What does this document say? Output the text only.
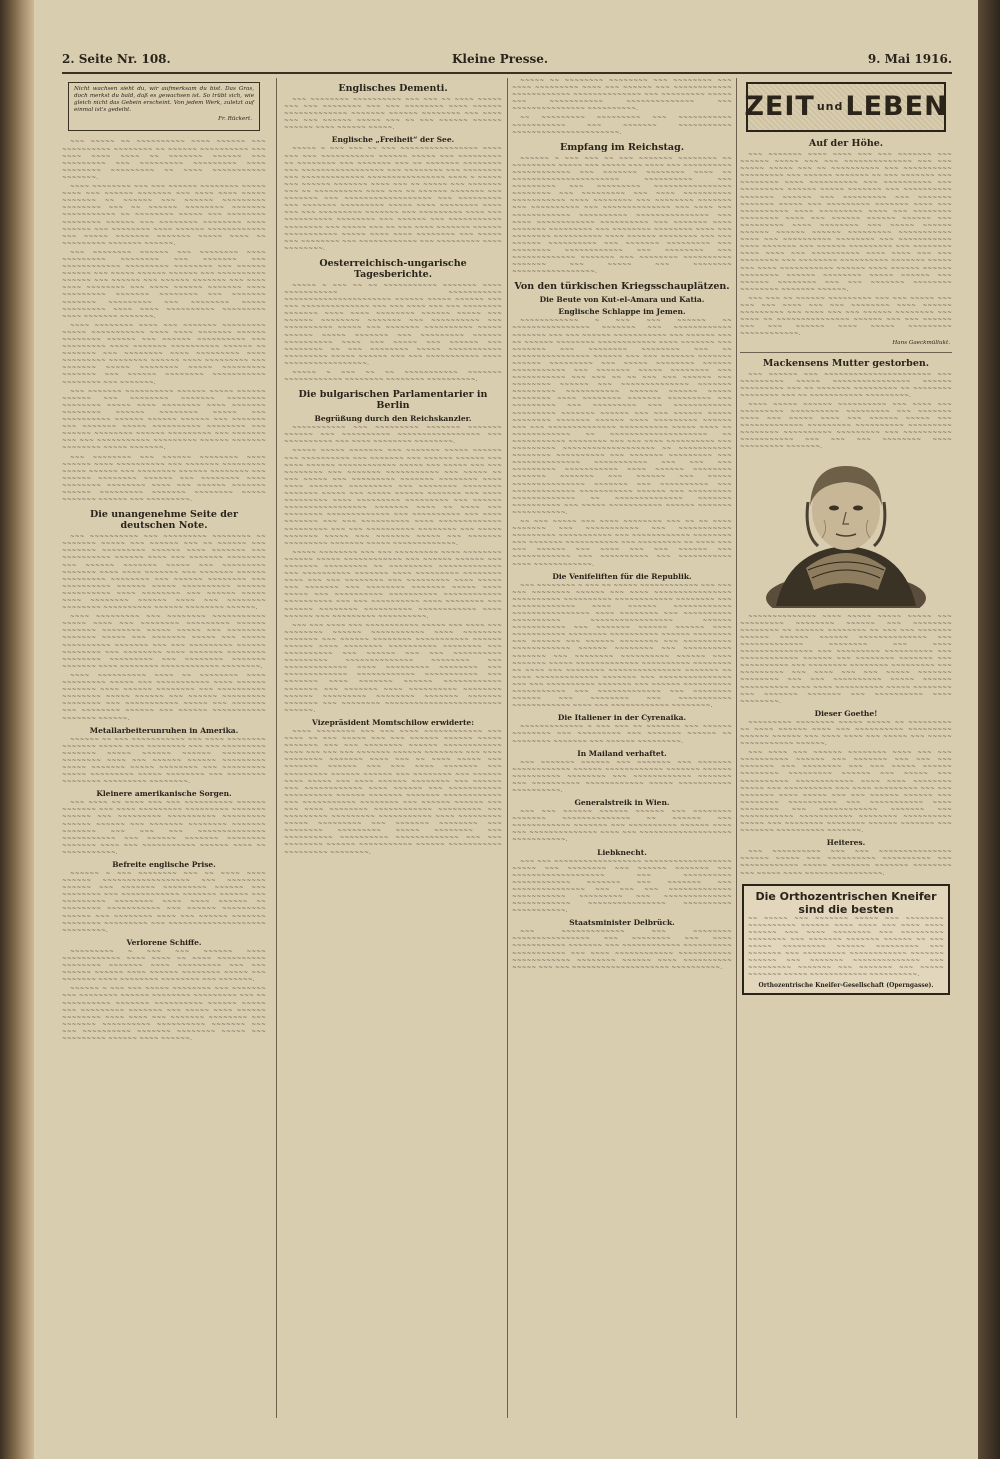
2. Seite Nr. 108.	Kleine Presse.	9. Mai 1916.
Nicht wachsen sieht du, wir aufmerksam du bist. Das Gras, doch merkst du bald, daß es gewachsen ist. So trübt sich, wie gleich nicht das Gebein erscheint. Von jedem Werk, zuletzt auf einmal ist's gedeiht.
Fr. Rückert.

~~~ ~~~~~ ~~ ~~~~~~~~~~ ~~~~ ~~~~~~ ~~~ ~~~~~~~~~~ ~~~~~~~~ ~~ ~~~~~~ ~~~~~~~~~~ ~~~ ~~~~ ~~~~ ~~~~ ~~ ~~~~~~~ ~~~~~~ ~~~ ~~~~~~~~~ ~~~ ~~~~~~~~~ ~~~~~~~~~ ~~~~ ~~~~~~~~ ~~~~~~~~~ ~~ ~~~~ ~~~~~~~~~~~ ~~~~~~~.

~~~~ ~~~~~~~~ ~~~ ~~~ ~~~~~~ ~~~~~~~~ ~~~~~ ~~~~ ~~~ ~~~~~~ ~~~~~~~ ~~~ ~~~~ ~~~~ ~~~~~ ~~~~~~~ ~~ ~~~~~~ ~~~ ~~~~~~ ~~~~~~~~~ ~~~~~~~~ ~~~ ~~ ~~~~~~ ~~~~~~~~ ~~~~~~~ ~~~~~~~~~~~ ~~ ~~~~~~~~ ~~~~~ ~~~ ~~~~~~~~ ~~~~~~~~ ~~~~~~ ~~~ ~~~~~~~~ ~~~~~~~~ ~~~~ ~~~~~~ ~~~ ~~~~~~~~ ~~~~ ~~~~~~ ~~~~~~~~~~~~ ~~~ ~~~~~ ~~~~~~~ ~~~~~~~ ~~~~~ ~~~~ ~~ ~~~~~~~~~ ~~~~~~~ ~~~~~~.

~~~ ~~~~~~~~ ~~~~~~ ~~~ ~~~~~~~~ ~~~~ ~~~~~~~~~ ~~~~~~~~ ~~~ ~~~~~~~ ~~~ ~~~~~~~~~~~~ ~~~~~~~~~ ~~~~~~~~ ~~~ ~~~~~~ ~~~~~~ ~~~ ~~~~~ ~~~~~~ ~~~~~~ ~~~ ~~~~~~~~~~ ~~~~~~ ~~~ ~~~~~~ ~~~ ~~~~~~ ~~~~~~~ ~~~ ~~~~ ~~~~ ~~~~~~~~ ~~~ ~~~~ ~~~~~~ ~~~~~~~ ~~~~ ~~~~~~~~~ ~~~~~~~ ~~~~~~~~ ~~~ ~~~~~~~ ~~~~~~~ ~~~~~~~~~ ~~~ ~~~~~~~~ ~~~~~ ~~~~~~~~~ ~~~~ ~~~~ ~~~~~~~~~~ ~~~~~~~~~ ~~~~ ~~~~~~~ ~~~~~~~.

~~~~ ~~~~~~~~ ~~~~ ~~~ ~~~~~~~ ~~~~~~~~~ ~~~~~ ~~~~~~~~~~~ ~~~~ ~~~~ ~~~~~~~ ~~~~~~ ~~~~~~~~ ~~~~~~ ~~~ ~~~~~~ ~~~~~~~~~~ ~~~ ~~~~~~~~~ ~~~~ ~~~~~~~ ~~~~~~~~~~ ~~~~~~ ~~ ~~~~~~~ ~~~ ~~~~~~~~ ~~~~ ~~~~~~~~~ ~~~~ ~~~~~~~~~ ~~~~~~~~ ~~~~~~ ~~~~ ~~~~~~~~~ ~~~ ~~~~~~~ ~~~~~ ~~~~~~~~ ~~~~~ ~~~~~~~~~ ~~~~~~~ ~~~ ~~~~~~ ~~~~~~~~ ~~~~~~~~~~~ ~~~~~~~~ ~~~ ~~~~~~~.

~~~ ~~~~~~~ ~~~~~~~~~~ ~~~~~~ ~~~~~ ~~~~~~ ~~~~~~ ~~~ ~~~~~~~~ ~~~~~~~ ~~~~~~~~ ~~~~~~~~ ~~~~~ ~~~~ ~~~~~~~~ ~~~~ ~~~~~~~ ~~~~~~~~ ~~~~~~ ~~~~~~~~ ~~~~~ ~~~ ~~~~~~~~~~ ~~~~~~ ~~~~~~ ~~~~~~ ~~~ ~~~~~~~ ~~~ ~~~~~~~ ~~~~~ ~~~~~~~~~~ ~~~~~~~~ ~~~ ~~~~~~ ~~~~~~~~ ~~~~~~ ~~~~~~~~~ ~~~ ~~~~~~~ ~~~ ~~~ ~~~~~~~~~~~ ~~~~~~~~~ ~~~~~~ ~~~~~~~ ~~~~~~~~ ~~~~~ ~~~~~~~.

~~~ ~~~~~~~~ ~~~ ~~~~~~ ~~~~~~~~ ~~~~ ~~~~~~ ~~~~ ~~~~~~~~~~ ~~~ ~~~~~~~ ~~~~~~~~~ ~~~~~ ~~~~~~ ~~~ ~~~~~~~~ ~~~~~~ ~~~~~~~~ ~~~ ~~~~~~ ~~~~~~~~ ~~~~~~ ~~~ ~~~~~~~~ ~~~~ ~~~~~~~~ ~~~~~~~~ ~~~~ ~~~ ~~~~~~ ~~~~~~~ ~~~~~~ ~~~~~~~~~ ~~~~~~~ ~~~~~~~~ ~~~~~ ~~~~~~~ ~~~~~~ ~~~ ~~~~~~~~~.

Die unangenehme Seite der deutschen Note.

~~~ ~~~~~~~~~~ ~~~ ~~~~~~~~~ ~~~~~~~~ ~~ ~~~~~~~ ~~~~~ ~~~ ~~~~~~ ~~~ ~~ ~~~~~~ ~~~ ~~~~~~~ ~~~~~~~~~ ~~~~~~ ~~~~ ~~~~~~~ ~~~ ~~~~~~~~~~ ~~~~~~ ~~~~ ~~~ ~~~~~~~ ~~~~~~~~ ~~~ ~~~~~~ ~~~~~~~ ~~~~~ ~~~ ~~~~~~~~~ ~~~~~~~ ~~~~ ~~~~ ~~~~~~~ ~~~ ~~~~~~~ ~~~~~~ ~~~~~~~~~ ~~~~~~~~ ~~~ ~~~~~~ ~~~~~~~~ ~~~ ~~~~~~~~~~ ~~~~~~ ~~~~~ ~~~~~~~~~~ ~~~~~~ ~~~~~~~~~~ ~~~~ ~~~~~~~~ ~~~ ~~~~~~ ~~~~~ ~~~~ ~~~~~~~~ ~~~~~~ ~~~~ ~~~ ~~~~~~~~ ~~~~~~~~ ~~~~~~~~~~ ~~~~~~ ~~~~~~~~ ~~~~~~.

~~~~ ~~~~~~~~~ ~~~ ~~~~~~~~ ~~~~~~~~~~~ ~~~~~ ~~~~ ~~~ ~~~~~~~~ ~~~~~~~~~ ~~~~~~ ~~~~~~~ ~~~~~~~~ ~~~~~ ~~~~~ ~~~ ~~~~~~~~ ~~~~~~~ ~~~~~ ~~~ ~~~~~~~ ~~~~~ ~~~ ~~~~~ ~~~~~~~~~~ ~~~~~~~ ~~~ ~~~ ~~~~~~~~~ ~~~~~~ ~~~~~~~~ ~~~ ~~~~~~~~ ~~~~ ~~~~~~~ ~~~~~~~~ ~~~~~~~~ ~~~~~~~~~ ~~~ ~~~~~~~~ ~~~~~~~ ~~~~~~~ ~~~~ ~~~~~~~~ ~~~~~~~~~~~~ ~~~~~~~~.

~~~~ ~~~~~~~~~~ ~~~~ ~~ ~~~~~~~~ ~~~~ ~~~~~~~~~ ~~~~~ ~~~ ~~~~~~~~~~~ ~~~~ ~~~~~~ ~~~~~~~ ~~~~ ~~~~~~ ~~~~~~~~ ~~~ ~~~~~~~~~~ ~~~~~~~~ ~~~~~ ~~~~~~ ~~~ ~~~~~~ ~~~~~~~~~ ~~~~~~~~ ~~~ ~~~~~~~~~~~ ~~~~~ ~~~ ~~~~~~~ ~~~ ~~~~~~~~ ~~~~~~ ~~~ ~~~~~~ ~~~~~~~~~~~ ~~~~~~~ ~~~~~~.

Metallarbeiterunruhen in Amerika.

~~~~~~ ~~ ~~~ ~~~~~~~~~~~ ~~~ ~~~~ ~~~~~~~~ ~~~~~~~ ~~~~~ ~~~~ ~~~~~~~~ ~~~ ~~~ ~~~~~~~~~ ~~~~~~~ ~~~~~ ~~~~~~ ~~~~~~ ~~~~~~~~~ ~~~~~~~~ ~~~~ ~~~ ~~~~~~ ~~~~~~ ~~~~~~~~~ ~~~~~ ~~~~~~~ ~~~~~ ~~~~~~~~ ~~~ ~~~~~~~~~ ~~~~~ ~~~~~~~~~ ~~~~~ ~~~~~~~~ ~~~ ~~~~~~~~ ~~~~~~~~ ~~~~~~~~~ ~~~~~~~~.

Kleinere amerikanische Sorgen.

~~~ ~~~~ ~~ ~~~~ ~~~ ~~~ ~~~~~~~~~~ ~~~~~~ ~~~~~~~ ~~~ ~~~~ ~~~~~~~~~ ~~~~~~~~~ ~~~~~~~ ~~~~~~ ~~~ ~~~~~~~~~ ~~~~~~~~~~ ~~~~~~~~~ ~~~~~~ ~~~~~~ ~~~ ~~~~~~~ ~~~~~~~~ ~~~~~~~ ~~~~~~~ ~~~ ~~~ ~~~ ~~~~~~~~~~~~~~ ~~~~~~~~~~~ ~~~ ~~~~~~ ~~~~~~~ ~~~~~~~~ ~~~~~~~ ~~~~ ~~~ ~~~~~~~~~~~ ~~~~~~ ~~~~ ~~ ~~~~~~~~~~~.

Befreite englische Prise.

~~~~~~ ~ ~~~ ~~~~~~~~ ~~~ ~~ ~~~~ ~~~~ ~~~~~~ ~~~~~~~~~~~~~~~~~~ ~~~ ~~~~~~~~ ~~~~~~ ~~~ ~~~~~~~ ~~~~~~~~~ ~~~~~~ ~~~ ~~~~~~~~ ~~~ ~~~~~~~~~~~~ ~~~~~~~ ~~~~~~ ~~~ ~~~~~~~~~ ~~~~~~~~ ~~~~ ~~~~ ~~~~~~ ~~ ~~~~~~~~ ~~~~~~~~~~~ ~~~ ~~~~~~ ~~~~~~~~~ ~~~~~~ ~~~ ~~~~~~~~ ~~~~ ~~~ ~~~~~~ ~~~~~~~ ~~~~~~~~ ~~~~~~~~~ ~~~ ~~~~~~~~~~~~~~~~~~~~ ~~~~~~~~~.

Verlorene Schiffe.

~~~~~~~~~ ~ ~~~ ~~~ ~~~~~~ ~~~~ ~~~~~~~~~~~~ ~~~~ ~~~~ ~~ ~~~~ ~~~~~~~~~~ ~~~~~~~~ ~~~~~~~ ~~~~ ~~~~~~~~~ ~~~ ~~~ ~~~~~~ ~~~~~~ ~~~~ ~~~~~~ ~~~~~~~~ ~~~~~ ~~~ ~~~~~~~ ~~~~ ~~~~~~~~ ~~~~~~~~ ~~~ ~~~~~~~.

~~~~~~ ~ ~~~ ~~~ ~~~~~ ~~~~~~~~ ~~~ ~~~~~~~ ~~~ ~~~~~~~~ ~~~~~~ ~~~~~~~~ ~~~~~~~~~ ~~~ ~~ ~~~~~~~~~~ ~~~~~~~ ~~~~~~~~~~ ~~~~~~ ~~~~~ ~~~ ~~~~~~~~~ ~~~~~~~ ~~~ ~~~~~ ~~~~ ~~~~~~ ~~~~~~~~ ~~~~ ~~~~ ~~~ ~~~~~~~ ~~~~~~~~ ~~~ ~~~~~~~ ~~~~~~~~~~ ~~~~~~~~~~ ~~~~~~~ ~~~ ~~~ ~~~~~~~~~~ ~~~~~~~ ~~~~~~~~ ~~~~~ ~~~ ~~~~~~~~~ ~~~~~~ ~~~~ ~~~~~~.

Englisches Dementi.

~~~ ~~~~~~~~ ~~~~~~~~~~ ~~~ ~~~ ~~ ~~~~ ~~~~~ ~~~ ~~~ ~~~~~~~~ ~~~ ~~~ ~~~~~~~~ ~~~~ ~~~~~~ ~~~~~~~~~~~~~ ~~~~~~~ ~~~~~~ ~~~~~~~~ ~~~ ~~~~ ~~~ ~~~ ~~~~~~ ~~~~~ ~~~ ~~ ~~~ ~~~~~~ ~~~~~~ ~~~~~~ ~~~~ ~~~~~~ ~~~~~.

Englische „Freiheit“ der See.

~~~~~ ~ ~~~ ~~~ ~~ ~~~ ~~~~~~~~~~~~~~~~ ~~~~ ~~~ ~~~ ~~~~~~~~~~~ ~~~~~~ ~~~~~ ~~~ ~~~~~~~~~ ~~ ~~~~~~~~ ~~~ ~~~~~~~ ~~~ ~~ ~~~~~~~ ~~~~~~~~ ~~~ ~~~~~~~~~~~~~~~~~ ~~~ ~~~~~~~~ ~~~ ~~~~~~~~ ~~~ ~~~~~~~~~~~~~ ~~~~~~~~~~~~~~~~ ~~~~ ~ ~~~~~ ~~~ ~~~~~~ ~~~~~~~ ~~~~ ~~~ ~~ ~~~~~ ~~~ ~~~~~~~ ~~~ ~~ ~~~~~~~~~~ ~~~~ ~~~ ~~ ~~~~~~ ~~~~~~~ ~~~ ~~~~~~~ ~~~ ~~~~~~~~~~~~~~~~~~ ~~~ ~~~~~~~~~ ~~~ ~~~~~~~ ~~~~~~~~~ ~~~~~ ~~~~ ~~~~~~~~ ~~~~ ~~~ ~~~ ~~~~~~~~~ ~~~~~~~ ~~~ ~~~~~~~~~ ~~~~ ~~~ ~~~~~~~~~~ ~~~~~~~~ ~~~ ~~~~~~ ~~~ ~~~~~~~~~~~ ~~~~~~~~ ~~~ ~~~~~ ~~~ ~~ ~~~ ~~~~ ~~~~~~~ ~~~~~~ ~~~~~~~~~~~ ~~~~~ ~~~~ ~~~~ ~~~~~~~~ ~~~ ~~~~~ ~~~ ~~~~~~~~ ~~~ ~~~~~~~~~~~~ ~~~ ~~~~~~~~~ ~~~~ ~~~~~~~~.

Oesterreichisch-ungarische Tagesberichte.

~~~~~ ~ ~~~ ~~ ~~ ~~~~~~~~~~~ ~~~~~~~ ~~~~ ~~~~~~~~~~~ ~~~~~~~~~~~ ~~~~~~~~~~~~~~~~~~~~~~ ~~~~~~ ~~~~~ ~~~~~~ ~~~ ~~~ ~~~~~~~~~~~~~~ ~~~ ~~~ ~~~~ ~~~ ~~~ ~~~~~~~~ ~~~~~~~ ~~~~ ~~~~ ~~~~~~~~ ~~~~~~ ~~~~~ ~~~ ~~~~~~ ~~~~~~~~ ~~~~~~~ ~~~ ~~~~~~~~~~ ~~~ ~~~~~~~~~~ ~~~~~ ~~~ ~~~~~~~ ~~~~~~~~~~ ~~~~~ ~~~~~~ ~~~~~ ~~~~~~~ ~~~ ~~~~~~~~~ ~~~~~~ ~~~~~~~~~~ ~~~~ ~~~ ~~~~~ ~~~ ~~~~~~ ~~~ ~~~~~~~~ ~~ ~~~ ~~~~~~~~ ~~~~~ ~~~~~~~~~~~ ~~~~~~~~~ ~~~~~ ~~~~~~ ~~~ ~~~ ~~~~~~~~~~~ ~~~~ ~~~~~~~~~~~~~~~~~.

~~~~~ ~ ~~~ ~~ ~~ ~~~~~~~~~~~ ~~~~~~~ ~~~~~~~~~~~~ ~~~~~~~~ ~~~~~~~~ ~~~~~~~~~~.

Die bulgarischen Parlamentarier in Berlin
Begrüßung durch den Reichskanzler.

~~~~~~~~~~~ ~~~ ~~~~~~~~~ ~~~~~~~ ~~~~~~~ ~~~~~~ ~~~ ~~~~~~~~~~ ~~~~~~~~~~~~~~~~~ ~~~ ~~~~~~~~~~ ~~~ ~~~~ ~~~~~~~~ ~~~~~~~~.

~~~~~ ~~~~~ ~~~~~~~ ~~~ ~~~~~~~ ~~~~~ ~~~~~~ ~~~ ~~~~~~~~~~ ~~~ ~~~~~~~ ~~~ ~~~~~~ ~~~~~~ ~~~ ~~~~ ~~~~~~ ~~~~~~~~~~~~ ~~~~~ ~~~ ~~~~~ ~~~ ~~~ ~~~~~~~~ ~~~ ~~~~~~~ ~~~~~~~~~~~ ~~~ ~~~~~ ~~ ~~~ ~~~~~ ~~~ ~~~~~~~~~ ~~~~~~~ ~~~~~~~~ ~~~~ ~~~~ ~~~~~~~ ~~~~~~~~~ ~~~ ~~~~~~~~ ~~~~~~~~ ~~~~~~~ ~~~~~ ~~~ ~~~~~ ~~~~~~ ~~~~~~~ ~~~ ~~~~ ~~~~~~~~~ ~~~~ ~~~~~~~~~ ~~~~~~~~~ ~~~ ~~~~~~ ~~~~~~~~~~~~~~~~~ ~~~~~~~ ~~~~ ~~ ~~~~ ~~~ ~~~~~~~~ ~~~~~~~~~~~~~ ~~~ ~~~~~~~~~~ ~~~ ~~~~ ~~~~~~~ ~~~ ~~~ ~~~~~~~~~~ ~~~~ ~~~~~~~~~~~~~ ~~~~~~~~~ ~~~ ~~~ ~~~~~~~~~~ ~~~~~~~~ ~~~ ~~~~~ ~~~~~~~ ~~~~~ ~~~ ~~~~~~~ ~~~~~ ~~~ ~~~~~~~ ~~~~~~~~~ ~~~~~~~ ~~~~~ ~~~~~~~~~~~~~.

~~~~~ ~~~~~~~~ ~~~ ~~~ ~~~~~~~~~ ~~~~ ~~~~~~~~ ~~~~~~ ~~~~~ ~~~~~~~~~~~~ ~~~ ~~~~~~ ~~~~~~ ~~~ ~~~~~~~ ~~~~~~~~~ ~~ ~~~~~~~~~ ~~~~~~~~~~~~~ ~~~ ~~~~~~~~~~ ~~~~~~~ ~~~~ ~~~~~~~~~ ~~~~~~~~ ~~~~ ~~~ ~~~ ~~~~~~~~ ~~~ ~~~~~~~~~ ~~~~ ~~~~~ ~~~ ~~~~~~~ ~~~ ~~~~~~~~ ~~~~~~~ ~~~~~ ~~~~ ~~~~~ ~~~ ~~~~~~~~~~ ~~~~~~~~~~ ~~~~~~~~~~~~ ~~~~~~~~~~ ~~~ ~~~ ~~~~~~~~~~ ~~~~ ~~~~~~~~ ~~~ ~~~~~~ ~~~~~~~~ ~~~~~~~~~~ ~~~~~~~~~~~~ ~~~~ ~~~~~~ ~~~ ~~~~~~~~~ ~~~~~~~~~~.

~~~ ~~~ ~~~~ ~~~ ~~~~~~~~~~~ ~~~~~ ~~~ ~~~~ ~~~ ~~~~~~~~ ~~~~~~ ~~~~~~~~~~~ ~~~~ ~~~~~~~~ ~~~~~~~ ~~~ ~~~~~~ ~~~~~~~~ ~~~~~~~~~~~ ~~~~~~ ~~~~~~ ~~~~ ~~~~~~~~ ~~~~~~~~~~ ~~~~~~~~ ~~~ ~~~~~~~~~~ ~~~ ~~~~~~ ~~~ ~~~ ~~~~~~~~~~ ~~~~~~~~~ ~~~~~~~~~~~~~~ ~~~~~~~~ ~~~ ~~~~~~~~~~~~~ ~~~~ ~~~~~~~~~ ~~~~~~~~ ~~~ ~~~~~~~~~~~~~ ~~~~~~~~~~~~ ~~~~~~~~~~~ ~~~ ~~~~~~~ ~~~~ ~~~~~~~ ~~~~~~ ~~~~~~~~~~~~ ~~~~~~~ ~~~ ~~~~~~~ ~~~~ ~~~~~~~~~~ ~~~~~~~~ ~~~~~~ ~~~~~~~~~ ~~~~~~~~ ~~~~~~~ ~~~~~~~ ~~~~~~~ ~~~ ~~~~~~~~ ~~~~~~~~~~~~~~~~~~~~~~~~ ~~~~~~.

Vizepräsident Momtschilow erwiderte:

~~~~ ~~~~~~~~ ~~~ ~~~ ~~~~ ~~~~~~~~~~~~ ~~~ ~~~~ ~~ ~~~ ~~~~~ ~~~ ~~~ ~~~~~~ ~~~~~~ ~~~~~ ~~~~~~~ ~~~ ~~~ ~~~~~~~~ ~~~~~~ ~~~~~~~~~~~~ ~~~~ ~~~ ~~~ ~~~ ~~~~~~~ ~~~~~~ ~~~~~~~~ ~~~ ~~~~ ~~~~~~~~ ~~~~~~~ ~~~~ ~~~ ~~ ~~~~ ~~~~~ ~~~ ~~~~~~~ ~~~~~~ ~~~ ~~~ ~~~~ ~~~~~~~ ~~~ ~~~~~~~~~ ~~~~~~ ~~~~~~ ~~~ ~~~~~~~~ ~~~ ~~~~~~ ~~~~ ~~~~~ ~~~ ~~~~ ~~~~~~ ~~~~~~~~ ~~~ ~~~~~~ ~~~ ~~~~~~~~~~~~ ~~~~ ~~~~~~ ~~~ ~~~~~~~~~~~ ~~~~~~~~~~ ~~~~~~ ~~~~~~~ ~~~~~~~ ~~~~~~~~~~~~ ~~~ ~~~~~~~~~~~ ~~~~~~~~ ~~~ ~~~~~~ ~~~~~~ ~~~ ~~~ ~~~~ ~~~~~~~~ ~~~~~~~~~~~~ ~~~~~~~~~ ~~~ ~~~~~~~~~ ~~~~~~~~~ ~~~~~~~~~~~ ~~~~ ~~~~~~~~~ ~~~~~ ~~~~~~~~~ ~~~ ~~~~~~~ ~~~~~~~~ ~~~ ~~~~~~~~ ~~~~~~~~~ ~~~~~ ~~~~~~~~ ~~~ ~~~~~~~~~~ ~~~~~~~~~~ ~~~~~~~~~~~~~ ~~~ ~~~ ~~~~~~~~ ~~~~~~ ~~~~~~~~~~~ ~~~~~~ ~~~~~~~~~~~ ~~~~~~~~~ ~~~~~~~~.

~~~~~ ~~ ~~~~~~~~ ~~~~~~~~ ~~~ ~~~~~~~~ ~~~ ~~~~ ~~~~~~~~~ ~~~~ ~~~ ~~~~~~ ~~~ ~~~~~~~~~~~~ ~~~~~~~~~~~~ ~~~~~~~~~~~~~~ ~~~ ~~~~~~~~~ ~~~~~ ~~~ ~~~~~~~~~~~ ~~~~~~~~~~~~~~ ~~~ ~~~~~~~~~~~~~~~ ~~~~~~~~~~.

~~ ~~~~~~~~~ ~~~~~~~~~ ~~~ ~~~~~~~~~~~ ~~~~~~~~~~~ ~~~ ~~~~~~~ ~~~~~~~~~~~ ~~~~~~~~~~~~~~~~~~~~~~.

Empfang im Reichstag.

~~~~~~ ~ ~~~ ~~~ ~~ ~~~ ~~~~~~~ ~~~~~~~~ ~~ ~~~~~~~~~ ~~~~~ ~~~ ~~~~~ ~~~ ~~~~ ~~~ ~~~~~~~~~~ ~~~~~~~~~~~~ ~~~ ~~~~~~~ ~~~~~~~~ ~~~~ ~~ ~~~~~~~~~~~~~~~~~~~~~~ ~~~~~~~~~~ ~~~ ~~~~~~~~~ ~~~ ~~~~~~~~~ ~~~~~~~~~~~~~~~~ ~~~~~~~~ ~~~ ~~~~~~~~~ ~~~ ~~~~ ~~~~~~~~~~ ~~~~~~~~~~~ ~~~~ ~~~~~~~~ ~~~ ~~~~~~~~ ~~~~~~~ ~~~ ~~~~~~~~~~ ~~~ ~~~~~~~~~~~~~~ ~~~ ~~~~ ~~~ ~~~~~~~~~~~~ ~~~~~~~~~~ ~~~~~~~~~~~~~~~ ~~~ ~~~~ ~~~~~~~~~~~~ ~~~~~~~~~~ ~~~ ~~~~~~~ ~~~~ ~~~~~~~ ~~~~~~~~~ ~~~ ~~~~~~~~ ~~~~~~~~ ~~~~ ~~~ ~~~~~~~~ ~~~~~~~~~~ ~~~~ ~~~~~~ ~~~~~~~~ ~~~ ~~~ ~~~~~~ ~~~~~~~~~~ ~~~ ~~~~~~~ ~~~~~~~~~ ~~~ ~~~~~~~~ ~~~~~~~~~~~~ ~~~ ~~~~~~~~ ~~~ ~~~~~~~~~~~~~ ~~~~~~~ ~~~ ~~~~~~~~ ~~~~~~~~~~ ~~~~~~~ ~~~ ~~~~~ ~~~ ~~~~~~~~ ~~~~~~~~~~~~~~~~~.

Von den türkischen Kriegsschauplätzen.
Die Beute von Kut-el-Amara und Katia.
Englische Schlappe im Jemen.

~~~~~~~~~~~~ ~ ~~~ ~~~ ~~~~~~ ~~ ~~~~~~~~~~~~~~~~ ~~~~~~~ ~~~ ~~~~~~~~~~~~ ~~~~~~~ ~~~ ~~~ ~~~~~~ ~~~~~~~~~~~ ~~~ ~~~~~~ ~~~ ~~ ~~~~~~ ~~~~~~~~ ~~~~~~~~~~~~ ~~~~ ~~~~~~~ ~~~ ~~~~~~~ ~~~ ~~~~~~~~ ~~~~~~~~ ~~~ ~~ ~~~~~~~~~~~~~~~~ ~~~~~~ ~~~ ~~~ ~~~~~~~ ~~~~~~~ ~~~~~~ ~~~~~~~~~ ~~~ ~~~~~ ~~~~~~~~ ~~~~~~ ~~~~~~~~~~~ ~~~ ~~~~~~~ ~~~~~ ~~~~~~~~ ~~~ ~~~~~~~~~~~ ~~~ ~~~ ~~ ~~ ~~~ ~~~ ~~~~~~ ~~~ ~~~~~~~~ ~~~~~~ ~~~ ~~~~~~~~~~~~~~ ~~~~~~~ ~~~~~~~~~ ~~~~~~~~~~~ ~~~~~~ ~~~~~~ ~~~~~ ~~~~~~~~ ~~~~ ~~~~~~~~ ~~~~~~~ ~~~~~~~~~ ~~~ ~~~~~~~~~ ~~~ ~~~~~~~~~ ~~~ ~~~~~~~~~~~~ ~~~~~~~~~ ~~~~~~~ ~~~~~~ ~~~ ~~~ ~~~~~~ ~~~~~ ~~~~~~~~ ~~~~~~~ ~~~~~~ ~~~~ ~~~~~~~~~ ~~~~~~ ~~~ ~~~ ~~~~~~~~~~~~~~ ~~~~~~~~~~ ~~~~~ ~~~~ ~~ ~~~~~~~~~~~~ ~~ ~~~~~~~~~~~~~~~~~~~~ ~~ ~~~~~~~~~~~ ~~~~~~~~ ~~~ ~~~ ~~~~ ~~~~~~~~~~ ~~~ ~~~~~~~~~ ~~~~~~~~~~~~~~~~~~~ ~~ ~~~~~~~~~~~ ~~~~~~~~ ~~~~~~~~~~ ~~~ ~~~~~~~ ~~~~~~~~~ ~~~ ~~~~~~~~~~~~~~ ~~~~~~~~~~~ ~~~ ~~~ ~~~ ~~~~~~~~~ ~~~~~~~~~~~ ~~~~ ~~~~~~ ~~~~~~~~ ~~~~~~~ ~~~~~~~ ~~~ ~~~~~~ ~~~ ~~~~~ ~~~~~~~~~~~~~~~ ~~~~~~~ ~~~ ~~~~~~~~~~ ~~~ ~~~~~~~~~~~~~ ~~~~~~~~~~~ ~~~~~~ ~~~ ~~~~~~~~~ ~~~~~~~~~~~~~ ~~ ~~~~~~~~~~~~~~ ~~~~~~~ ~~~~~~~~~~ ~~~ ~~~~~ ~~~~~~~~~~~ ~~~~~~ ~~~~~~~ ~~~~~~~~~~~.

~~ ~~~ ~~~~~ ~~~ ~~~~ ~~~~~~~~ ~~~ ~~ ~~ ~~~~ ~~~~~~~ ~~~ ~~~~~~~~~~~ ~~~ ~~~~~~~~~~~ ~~~~~~~~~ ~~~~~~~~~~~ ~~~ ~~~~~~~~~~~~ ~~~~~~~~ ~~~ ~~~~~~~ ~~~~~~~~~~~ ~~~ ~~~~~~~~~ ~~ ~~~~ ~~~ ~~~ ~~~~~~ ~~~ ~~~~ ~~~ ~~~ ~~~~~~ ~~~ ~~~~~~~~~~~~ ~~~ ~~~~~~~~~~ ~~~ ~~~~~~~~~~~ ~~~~ ~~~~~~~~~~~~.

Die Venifeliften für die Republik.

~~~ ~~~~~~~~ ~ ~~~ ~~ ~~~~~ ~~~~~~~~~~~~ ~~~ ~~~ ~~~ ~~~~~~~~ ~~~~~~ ~~~ ~~~~ ~~~~~~~~~~~~~~~~ ~~~~~~~~~~ ~~~~~~~~~~ ~~~~~~~~~~~~ ~~~~~~~~ ~~~ ~~~~~~~~~~~~~ ~~~~ ~~~~~~ ~~~~~~~~~~~~ ~~~~~~~~~~~~~~~~ ~~~~ ~~~~~~~~ ~~~ ~~~~~~~~~~ ~~~~~~~~~~ ~~~~~~~~~~~~~~~~~ ~~~~~~ ~~~~~~~~~~~ ~~~ ~~~~~~~ ~~~~~~ ~~~~~~ ~~~~ ~~~~~~~~~~~ ~~~~~~~~ ~~~~~~~~~~ ~~~~~~ ~~~~~~~~ ~~~ ~~~~~~ ~~~ ~~~~~~ ~~~~~~~~ ~~~ ~~~~~~~~~~ ~~~~~~~~~~~~ ~~~~~~ ~~~~~~~~ ~~~ ~~~~~~~~~~ ~~~~~~~ ~~~ ~~~~~~~~ ~~~~~~~~~~ ~~~~~~ ~~~~ ~~~~~~~ ~~~~~ ~~~~~~~~~~~~~ ~~~~~~~~~~ ~~~~~~~~ ~~ ~~~~ ~~~ ~~~~~~~~ ~~~~~~~~~~~~~~~ ~~~~~~~ ~~ ~~~~ ~~~~~~~~~~~~~ ~~~~~~~ ~~~ ~~~~~~~~~~~~~~~ ~~~ ~~~ ~~~~~~~~~~ ~~~~~~~ ~~~ ~~~~~~ ~~~~~~~~~~ ~~~~~~~~~~~ ~~~ ~~~~~~~~~~~~~ ~~~ ~~~~~~~~ ~~~~~~ ~~~ ~~~~~~~~ ~~~ ~~~~~~~~~~~ ~~~~~~~~~~~~ ~~~~ ~~~ ~~~~~~~~~~~~ ~~~~~~~~.

Die Italiener in der Cyrenaika.

~~~~~~~~~~~~~ ~ ~~~ ~~~ ~~ ~~~~~~~ ~~~ ~~~~~~ ~~~~~~~~ ~~~ ~~~~~~~~~ ~~~ ~~~~~~~ ~~~~~~ ~~ ~~~~~~~~ ~~~~~~~ ~~~ ~~~~~~ ~~~~~~~~~.

In Mailand verhaftet.

~~~ ~~~~~~~ ~~~~~~ ~~~ ~~~~~~~ ~~~ ~~~~~~~ ~~~~~~~~~~~~ ~~~~~~ ~~~~~~~~~~~~ ~~~~~~~ ~~~~~~ ~~~~~~~~~~ ~~~~~~~~ ~~~ ~~~~~~~~~~~~ ~~~~~~~ ~~~ ~~~~~~~~~~ ~~~~~~~~~~~~ ~~~~~ ~~~~~~~~~~~ ~~~~~~~~~~.

Generalstreik in Wien.

~~~ ~~~ ~~~~~~ ~~~~~~ ~~~~~~ ~~~ ~~~~~~~~ ~~~~~~~ ~~~~~~~~~~~~~~ ~~ ~~~~~~ ~~~ ~~~~~~~~~~~~ ~~~~~~~ ~~~ ~~~~~~~~~~ ~~~~~~ ~~~~ ~~~ ~~~~~~~~~~~~~~ ~~~~ ~~~ ~~~~~~~~~~~~~~~~~~~ ~~~~~~~~~~~.

Liebknecht.

~~~ ~~~ ~~~~~~~~~~~~~~~~~~ ~~~~~~~~~~~~~~~~~~ ~~~~~ ~~~ ~~~~~~~~ ~~~ ~~~~~~ ~~~~~~~ ~~~ ~~~~~~~~~~~~~~~~~~~ ~~~ ~~~~~~~~~~ ~~~~~~~~~~~~ ~~~~~~~ ~~~ ~~~~~~~ ~~~ ~~~~~~~~~~~~~~~ ~~~ ~~~ ~~~ ~~~~~~~~~~~~~ ~~~~~~~~~~~ ~~~~~~~~~ ~~~ ~~~~~~~~~~~~~~ ~~~~~~~~~~~~ ~~~~~~~~~~~~~~~~ ~~~~~~~~~~ ~~~~~~~~~~~.

Staatsminister Delbrück.

~~~ ~~~~~~~~~~~~~ ~~~ ~~~~~~~~ ~~~~~~~~~~~~~~~~ ~~~ ~~~~~~~~ ~~~ ~~~~ ~~~~~~~~~~~ ~~~~~~~ ~~~ ~~~~~~~~~~~~ ~~~~~~~~~~ ~~~~~~~~~~~ ~~~ ~~~~ ~~~~~~~~~~~~ ~~~~~~~~~~~ ~~~~~~~~~~~~ ~~~~~~~~ ~~~~~~ ~~~~ ~~~~~~~~~~ ~~~~~ ~~~ ~~~ ~~~~~~~~~~~~~~~~~~~~ ~~~~~~~~~~.

ZEIT und LEBEN
Auf der Höhe.

~~~ ~~~~~~~ ~~~~ ~~~~ ~~~ ~~~ ~~~~~~~ ~~~ ~~~~~~ ~~~~~ ~~~ ~~~ ~~~~~~~~~~~~~~ ~~~ ~~~ ~~~~~ ~~~~~ ~~~ ~~ ~~~~~~~~~~ ~~~ ~~~~~~~~~~ ~~~~~~~~~ ~~~ ~~~~~~ ~~~~~~~ ~~ ~~~ ~~~~~~~ ~~~ ~~~~~~~~ ~~~~ ~~~~~~~~~~ ~~~ ~~~~~~~~~~ ~~~ ~~~~~~~~~ ~~~~~~ ~~~~~ ~~~~~~~ ~~~ ~~~~~~~~~~ ~~~~~~~ ~~~~~~ ~~~ ~~~~~~~~~ ~~~ ~~~~~~~ ~~~~~~~ ~~~~~ ~~~ ~~~~~~~~~ ~~~~~~~ ~~~~ ~~~ ~~~~~~~~~~ ~~~~ ~~~~~~~~~ ~~~~ ~~~ ~~~~~~~~ ~~~~~~~~ ~~~~ ~~~ ~~~~~~ ~~~~~~ ~~~~~~ ~~~ ~~~~~~~~~ ~~~~ ~~~~~~~~ ~~~ ~~~~~ ~~~~~~ ~~~~~~ ~~~~~~ ~~~~~~ ~~~~~~~~~ ~~~~~~~~~~~ ~~~~ ~~~ ~~~~~~~~~~ ~~~~~~~~ ~~~ ~~~~~~~~~~~ ~~~~ ~~~~~~~ ~~~ ~~~~~~ ~~~~~~~~~ ~~~ ~~~~~~~~ ~~~~ ~~~~ ~~~ ~~~~~~~~~~ ~~~~ ~~~~ ~~~ ~~~ ~~~~~~~~ ~~~ ~~~~~~~~ ~~~~~~~~~~ ~~~~~~~ ~~~~~ ~~~ ~~~~ ~~~~~~~~~~~ ~~~~~~ ~~~~ ~~~~~~ ~~~~~~ ~~~~~~~~ ~~~~~~ ~~~~~~~~ ~~~~~ ~~~~~~ ~~~ ~~~~~~ ~~~~~~~~ ~~~ ~~~ ~~~~~~~ ~~~~~~~~ ~~~~~~~~ ~~~~~~~ ~~~~~~.

~~~ ~~~ ~~ ~~~~~~ ~~~~~~~~~ ~~~ ~~~ ~~~~~ ~~~ ~~~ ~~~ ~~~~ ~~~ ~~~ ~~~~~~~~ ~~~~ ~~~~~~ ~~~~~~~~~ ~~~ ~~~~ ~~~ ~~~ ~~~~~~ ~~~~~~~~ ~~~ ~~~~ ~~ ~~~~~~~~~~~~~~~ ~~~~~~ ~~~ ~~~ ~~~~~~ ~~~ ~~~ ~~~~~~ ~~~~ ~~~~~ ~~~~~~~~~ ~~~~~~~~~~~~.

Hans Gaeckmüllukt.
Mackensens Mutter gestorben.

~~~ ~~~~~~ ~~~ ~~~~~~~~~~~~~~~~~~~~~~ ~~~ ~~~~~~~~~ ~~~~~ ~~~~~~~~~~~~~~~~ ~~~~~~ ~~~~~~~~~ ~~~ ~~ ~~~~~~~ ~~~~~~~~~ ~~ ~~~~~~~~ ~~~~~~~~ ~~~ ~~ ~~~~~~~~~~~ ~~~~~~~~~.

~~~~ ~~~~~ ~~~~~~ ~~~~~~~~~~ ~~~ ~~~~ ~~~ ~~~~~~~~~ ~~~~~~~~~~ ~~~~~~~~~ ~~~ ~~~~~~~ ~~~~ ~~~ ~~~~~ ~~~~ ~~~ ~~~~~~ ~~~~~ ~~~ ~~~~~~~~~~~~~ ~~~~~~~~~ ~~~~~~~~~~ ~~~~~~~~~ ~~~~~~~~ ~~~~~~~~~~ ~~~~~~~~~ ~~~ ~~~~~~~~~~ ~~~~~~~~~~~ ~~~ ~~~ ~~~ ~~~~~~~~ ~~~~ ~~~~~~~~~ ~~~~~~~.

~~~~~~~~~~~~~~ ~~~~ ~~~~~ ~~~~~ ~~~~~ ~~~ ~~~~~~~~~ ~~~~~~~~ ~~~~~~ ~~~ ~~~~~~~~ ~~~~~~~~ ~~ ~~~~~~ ~~~~~~~~ ~~ ~~~ ~~~ ~~~~~~~ ~~~~~~ ~~~~~~ ~~~~~~ ~~~~~~~~~~~~~~ ~~~ ~~~~~~~~~~~~~ ~~~~~~~~ ~~~ ~~~~ ~~~~~~~~~~~~~~~ ~~~ ~~~~~~~~~ ~~~~~~~~~~ ~~~ ~~~~~~~~~~~~ ~~~~~~ ~~~ ~~~~~~~~ ~~~~~~~ ~~~ ~~~~~~~~~~ ~~~ ~~~~~~~~ ~~~~~~~~ ~~~~~~~~~ ~~~ ~~~~~~~~~ ~~~ ~~~~ ~~~ ~~~ ~~~~~ ~~~~~~~ ~~~~~~~~ ~~~ ~~~ ~~~~~~~~~~ ~~~~~ ~~~~~~ ~~~~~~~~~~ ~~~~ ~~~~ ~~~~~~~~~~ ~~~~~ ~~~~~~~~ ~~~ ~~~~~~~ ~~~~~~~ ~~~ ~~~~~~~~~~ ~~~~ ~~~~~~~~.

Dieser Goethe!

~~~~~~~~~ ~~~~~~~~ ~~~~~ ~~~~~ ~~ ~~~~~~~~~ ~~ ~~~~ ~~~~~~ ~~~~ ~~~ ~~~~~~~~~~ ~~~~~~~~~ ~~~~~~ ~~~~~~ ~~~ ~~~~ ~~~~ ~~~ ~~~~~ ~~~ ~~~~~ ~~~~~~~~~~~ ~~~~~~.

~~~ ~~~~ ~~~ ~~~~~~ ~~~~~~~~ ~~~~ ~~~ ~~~ ~~~~~~~~~~ ~~~~~~ ~~~ ~~~~~~~ ~~~ ~~~ ~~~ ~~~~~~~ ~~~ ~~~~~~~~ ~~~ ~~~ ~~~~~ ~~~~~~ ~~~~~~~~ ~~~~~~~~~ ~~~~~~ ~~~ ~~~~~ ~~~ ~~~~~~~~~~ ~~~~~~~~~~~~ ~~~~ ~~~~ ~~~~~~~~ ~~~~~ ~~~ ~~~~~~~~~~ ~~~ ~~~~ ~~~~~~~~~ ~~~ ~~~ ~~~~~~~ ~~~~ ~~~~~ ~~~ ~~~ ~~~~~~ ~~~~~~ ~~~ ~~~~~~~~ ~~~~~~~~~~ ~~~ ~~~~~~~~~~~ ~~~~ ~~~~~~~~ ~~~ ~~~~~~~~~~~~ ~~~~~~~ ~~~ ~~~~~~~~~~~ ~~~~~~~~~~~ ~~~~~~~~ ~~~~~~~~~~ ~~~~~ ~~~ ~~~~~~~~ ~~~~~~~~ ~~~~~~ ~~~~~~~ ~~~ ~~~~~~~ ~~~~~~~~~~ ~~~~~~~.

Heiteres.

~~~ ~~~~~~~~~~ ~~~ ~~~ ~~~~~~~~~~~~~~~ ~~~~~~ ~~~~~ ~~~ ~~~~~~~~~~ ~~~~~~~~~~ ~~~ ~~~~~~~~~~~~ ~~~~~ ~~~~~~~~ ~~~~~~~ ~~~~~~~~ ~~~ ~~~~~ ~~~~ ~~~~~~~~~~~~~~~~.

Die Orthozentrischen Kneifer sind die besten
~~ ~~~~~ ~~~ ~~~~~~~ ~~~~~ ~~~ ~~~~~~~~ ~~~~~~~~~~ ~~~~~~ ~~~~ ~~~~ ~~~ ~~~~ ~~~~ ~~~~~~ ~~~ ~~~~ ~~~~~~~~ ~~~ ~~~~~~~~~ ~~~~~~~~ ~~~ ~~~~~~~ ~~~~~~~ ~~~~~~ ~~ ~~~ ~~~~~ ~~~~~~~~~ ~~~~~~ ~~~~~~~~~ ~~~ ~~~~~~~ ~~~ ~~~~~~~~~ ~~~~~~~~~~~~ ~~~~~~~ ~~~~~~ ~~~ ~~~~~~~ ~~~~~~~~~~~~~~ ~~~ ~~~~~~~~~ ~~~~~~~ ~~~ ~~~~~~~ ~~~ ~~~~~ ~~~~~~~ ~~~~~ ~~~~~~~~~~~~ ~~~~~~~~~~.
Orthozentrische Kneifer-Gesellschaft (Operngasse).
